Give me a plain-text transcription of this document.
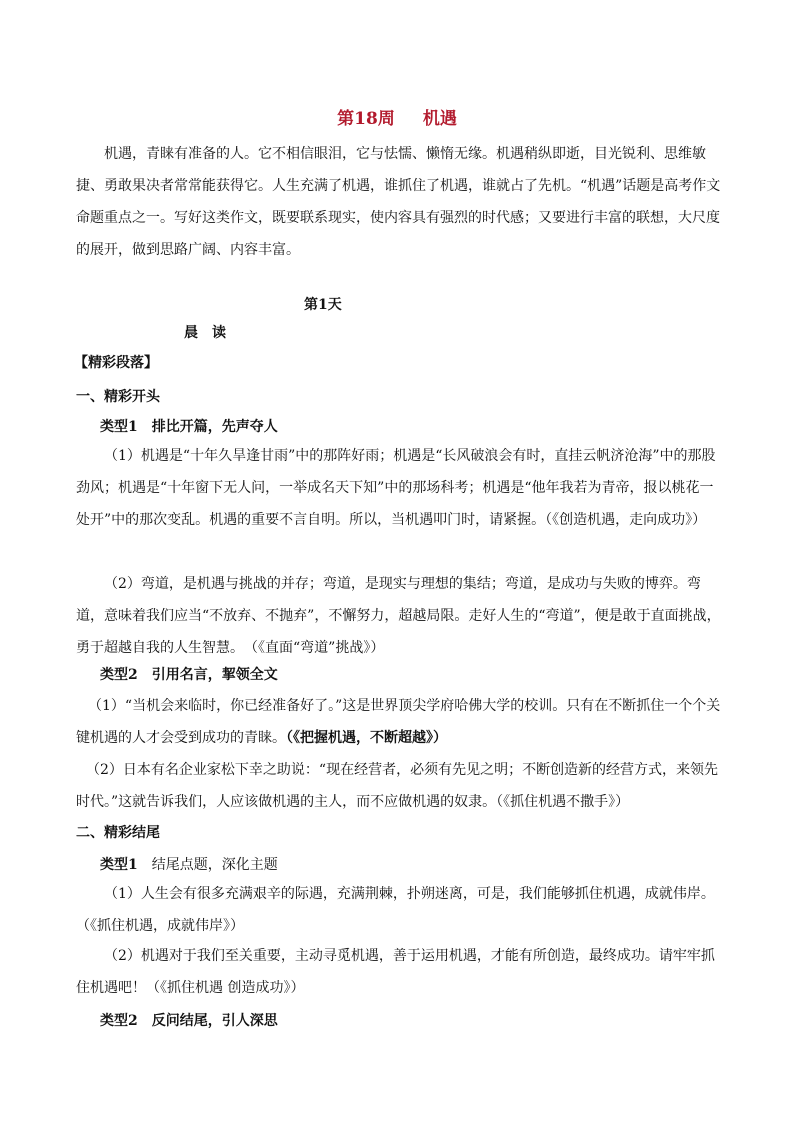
第18周 机遇

机遇，青睐有准备的人。它不相信眼泪，它与怯懦、懒惰无缘。机遇稍纵即逝，目光锐利、思维敏捷、勇敢果决者常常能获得它。人生充满了机遇，谁抓住了机遇，谁就占了先机。“机遇”话题是高考作文命题重点之一。写好这类作文，既要联系现实，使内容具有强烈的时代感；又要进行丰富的联想，大尺度的展开，做到思路广阔、内容丰富。

第1天
晨　读
【精彩段落】
一、精彩开头
类型1　 排比开篇，先声夺人

（1）机遇是“十年久旱逢甘雨”中的那阵好雨；机遇是“长风破浪会有时，直挂云帆济沧海”中的那股劲风；机遇是“十年窗下无人问，一举成名天下知”中的那场科考；机遇是“他年我若为青帝，报以桃花一处开”中的那次变乱。机遇的重要不言自明。所以，当机遇叩门时，请紧握。（《创造机遇，走向成功》）

（2）弯道，是机遇与挑战的并存；弯道，是现实与理想的集结；弯道，是成功与失败的博弈。弯道，意味着我们应当“不放弃、不抛弃”，不懈努力，超越局限。走好人生的“弯道”，便是敢于直面挑战，勇于超越自我的人生智慧。　（《直面“弯道”挑战》）

类型2　 引用名言，挈领全文

（1）“当机会来临时，你已经准备好了。”这是世界顶尖学府哈佛大学的校训。只有在不断抓住一个个关键机遇的人才会受到成功的青睐。（《把握机遇，不断超越》）

（2）日本有名企业家松下幸之助说：“现在经营者，必须有先见之明；不断创造新的经营方式，来领先时代。”这就告诉我们，人应该做机遇的主人，而不应做机遇的奴隶。（《抓住机遇不撒手》）

二、精彩结尾
类型1　 结尾点题，深化主题

（1）人生会有很多充满艰辛的际遇，充满荆棘，扑朔迷离，可是，我们能够抓住机遇，成就伟岸。（《抓住机遇，成就伟岸》）

（2）机遇对于我们至关重要，主动寻觅机遇，善于运用机遇，才能有所创造，最终成功。请牢牢抓住机遇吧！（《抓住机遇 创造成功》）

类型2　 反问结尾，引人深思
